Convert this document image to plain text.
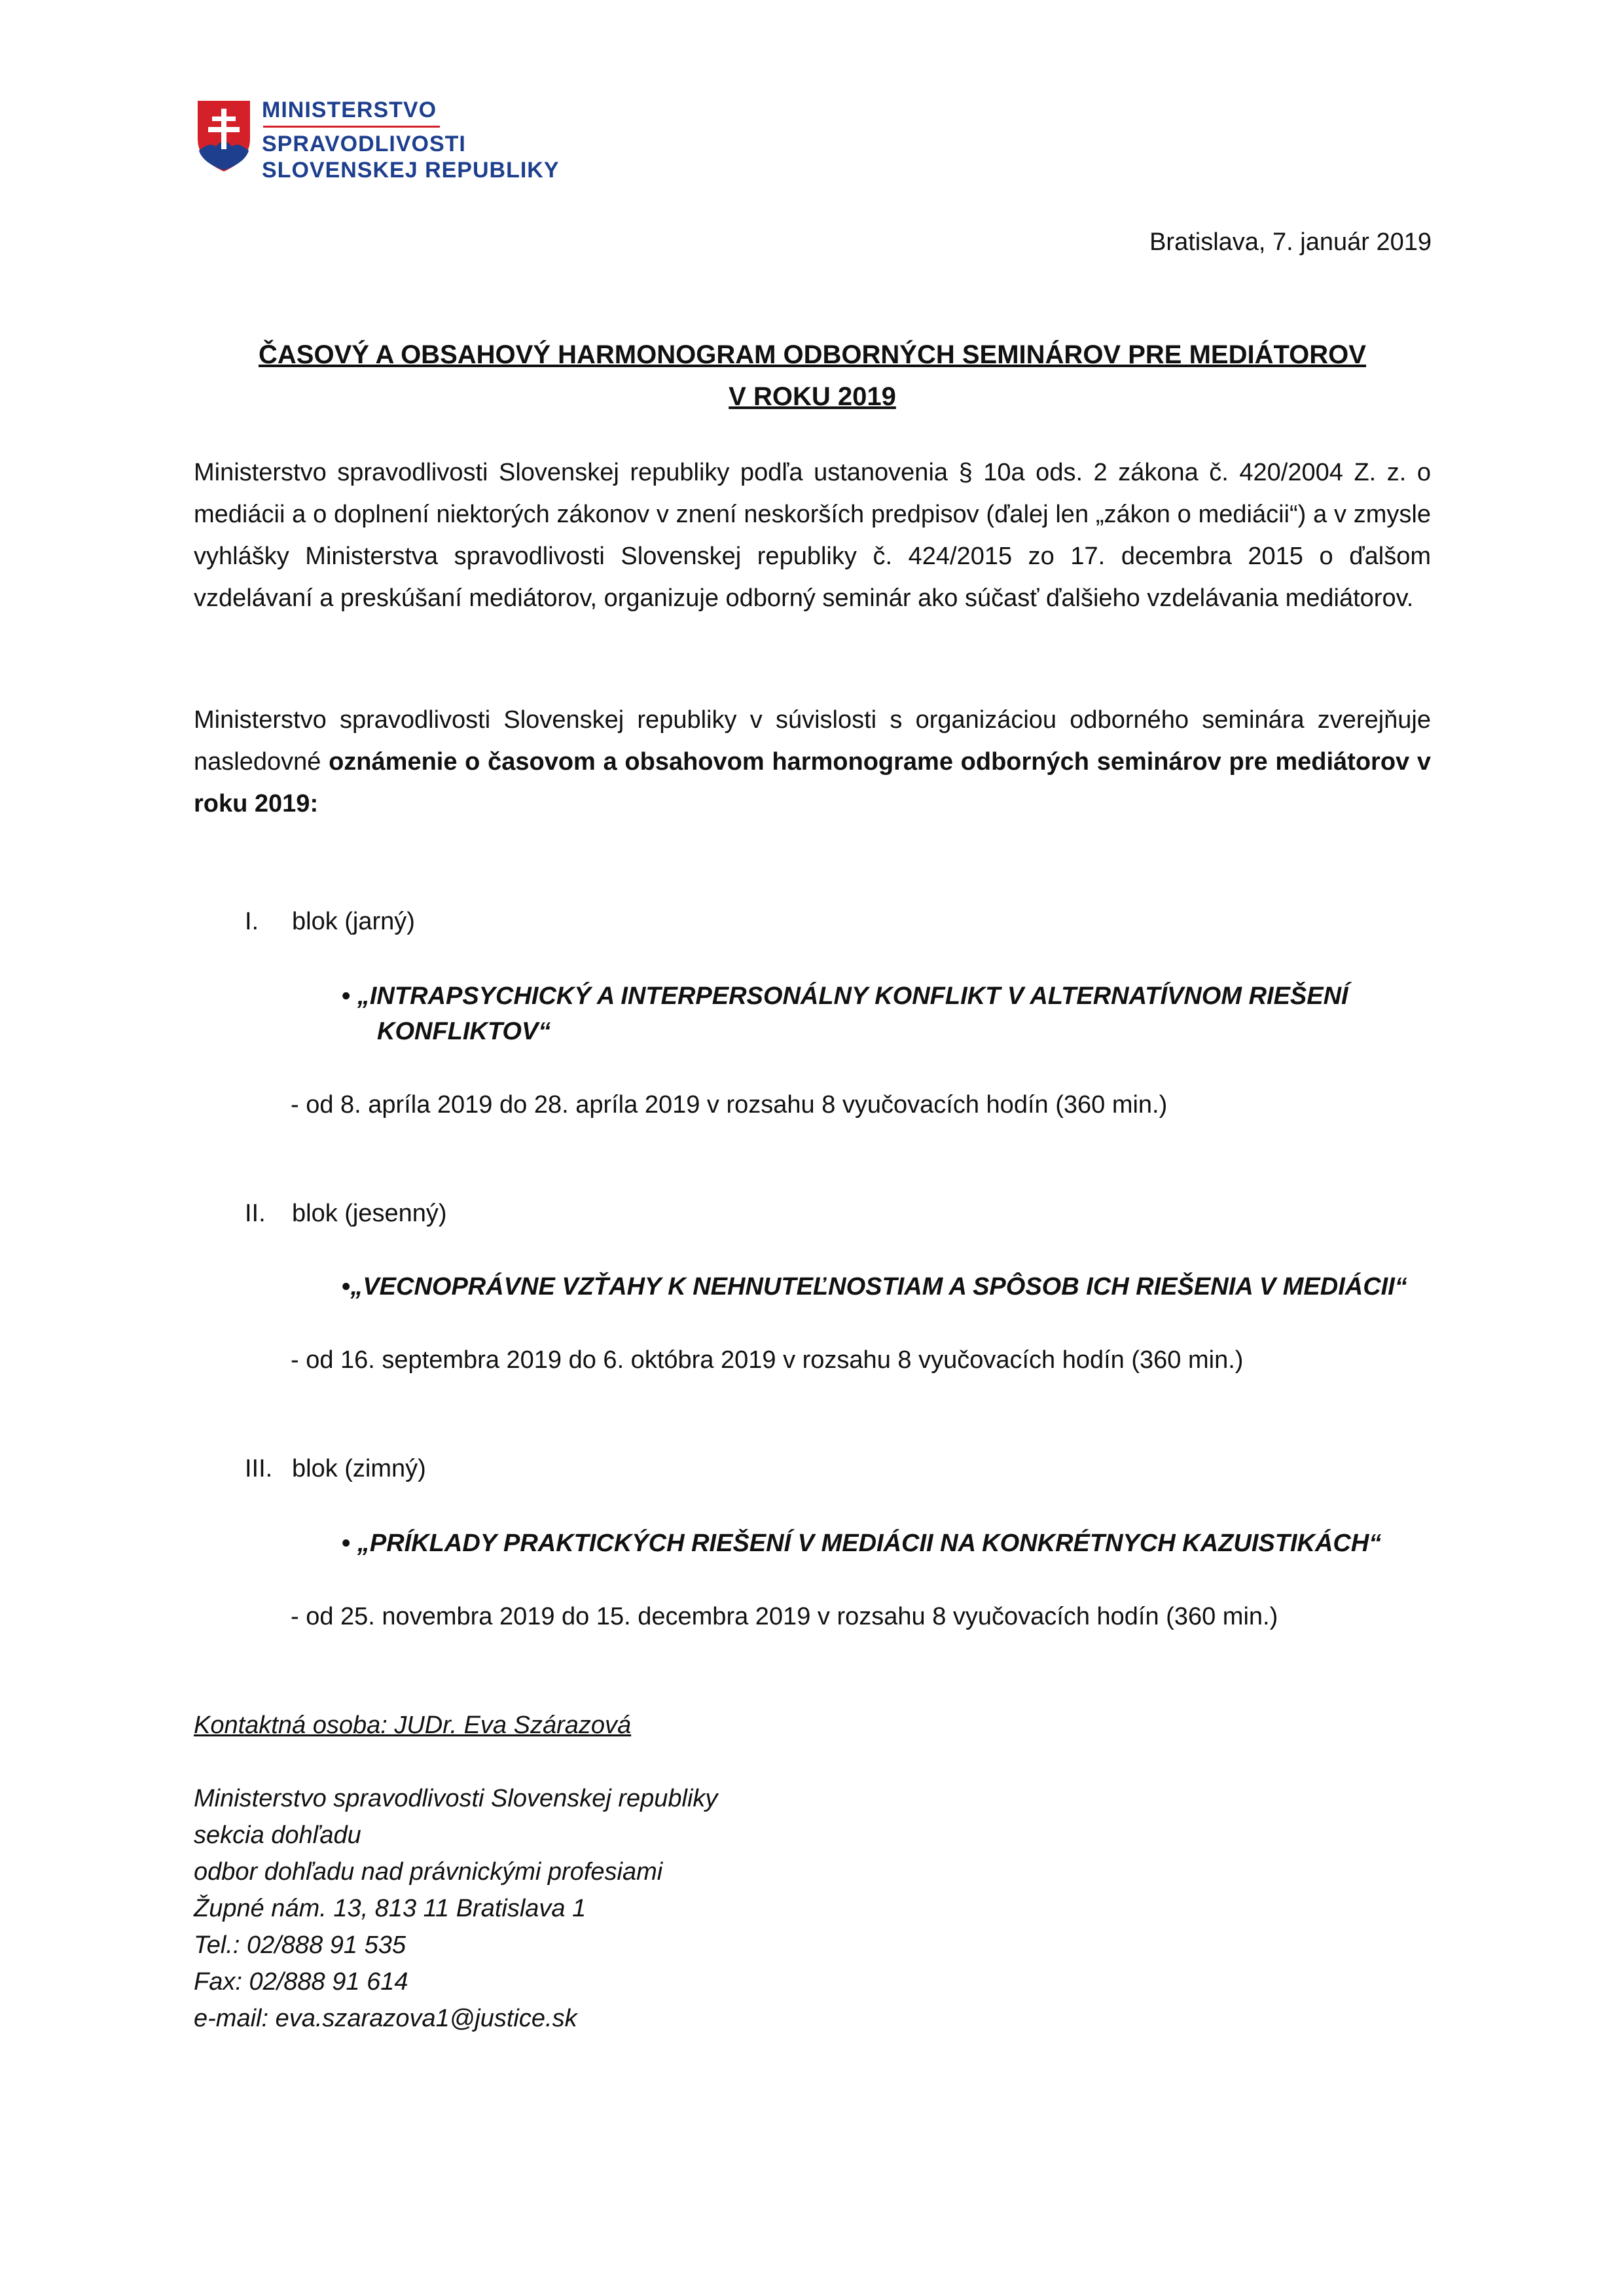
MINISTERSTVO
SPRAVODLIVOSTI
SLOVENSKEJ REPUBLIKY
Bratislava, 7. január 2019
ČASOVÝ A OBSAHOVÝ HARMONOGRAM ODBORNÝCH SEMINÁROV PRE MEDIÁTOROV
V ROKU 2019

Ministerstvo spravodlivosti Slovenskej republiky podľa ustanovenia § 10a ods. 2 zákona č. 420/2004 Z. z. o mediácii a o doplnení niektorých zákonov v znení neskorších predpisov (ďalej len „zákon o mediácii“) a v zmysle vyhlášky Ministerstva spravodlivosti Slovenskej republiky č. 424/2015 zo 17. decembra 2015 o ďalšom vzdelávaní a preskúšaní mediátorov, organizuje odborný seminár ako súčasť ďalšieho vzdelávania mediátorov.

Ministerstvo spravodlivosti Slovenskej republiky v súvislosti s organizáciou odborného seminára zverejňuje nasledovné oznámenie o časovom a obsahovom harmonograme odborných seminárov pre mediátorov v roku 2019:

I. blok (jarný)
• „INTRAPSYCHICKÝ A INTERPERSONÁLNY KONFLIKT V ALTERNATÍVNOM RIEŠENÍ
KONFLIKTOV“
- od 8. apríla 2019 do 28. apríla 2019 v rozsahu 8 vyučovacích hodín (360 min.)
II. blok (jesenný)
•„VECNOPRÁVNE VZŤAHY K NEHNUTEĽNOSTIAM A SPÔSOB ICH RIEŠENIA V MEDIÁCII“
- od 16. septembra 2019 do 6. októbra 2019 v rozsahu 8 vyučovacích hodín (360 min.)
III. blok (zimný)
• „PRÍKLADY PRAKTICKÝCH RIEŠENÍ V MEDIÁCII NA KONKRÉTNYCH KAZUISTIKÁCH“
- od 25. novembra 2019 do 15. decembra 2019 v rozsahu 8 vyučovacích hodín (360 min.)
Kontaktná osoba: JUDr. Eva Szárazová
Ministerstvo spravodlivosti Slovenskej republiky
sekcia dohľadu
odbor dohľadu nad právnickými profesiami
Župné nám. 13, 813 11 Bratislava 1
Tel.: 02/888 91 535
Fax: 02/888 91 614
e-mail: eva.szarazova1@justice.sk
